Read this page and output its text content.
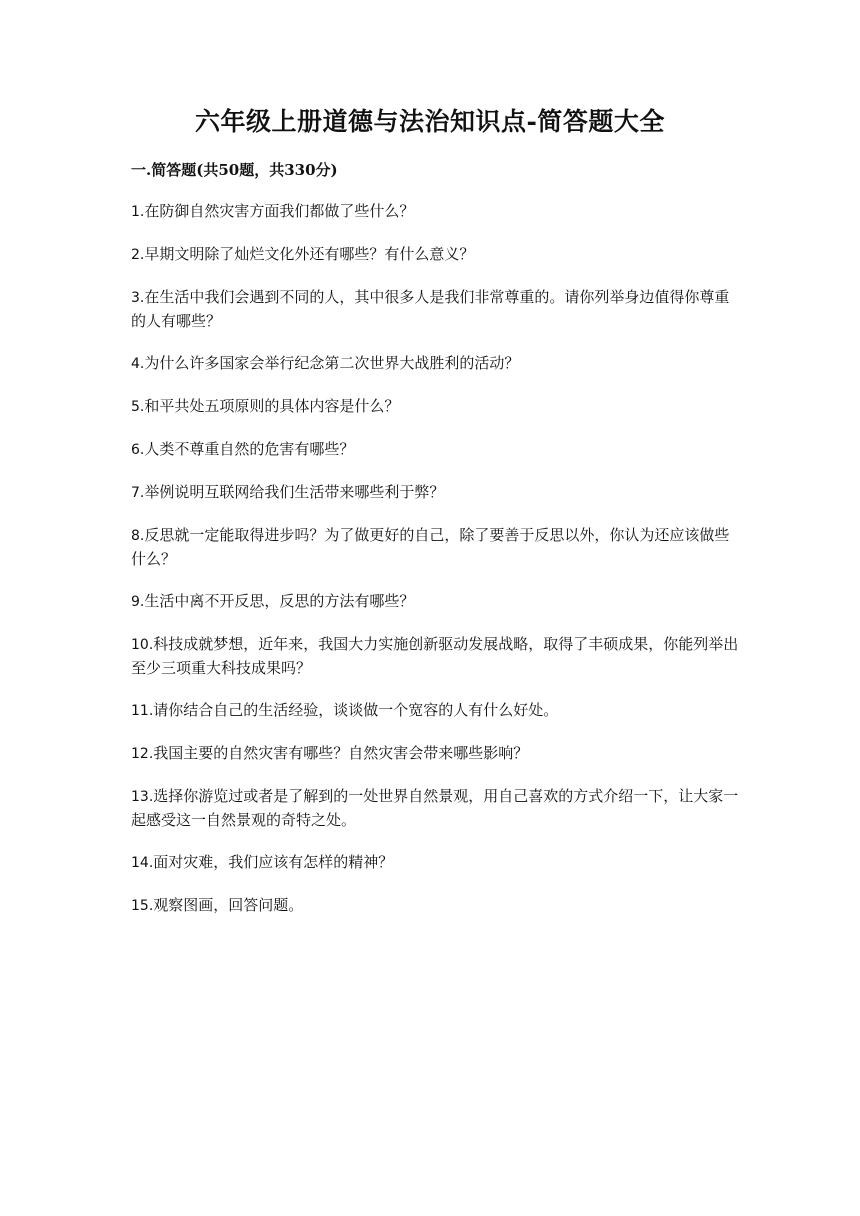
六年级上册道德与法治知识点-简答题大全
一.简答题(共50题，共330分)
1.在防御自然灾害方面我们都做了些什么？
2.早期文明除了灿烂文化外还有哪些？有什么意义？
3.在生活中我们会遇到不同的人，其中很多人是我们非常尊重的。请你列举身边值得你尊重的人有哪些？
4.为什么许多国家会举行纪念第二次世界大战胜利的活动？
5.和平共处五项原则的具体内容是什么？
6.人类不尊重自然的危害有哪些？
7.举例说明互联网给我们生活带来哪些利于弊？
8.反思就一定能取得进步吗？为了做更好的自己，除了要善于反思以外，你认为还应该做些什么？
9.生活中离不开反思，反思的方法有哪些？
10.科技成就梦想，近年来，我国大力实施创新驱动发展战略，取得了丰硕成果，你能列举出至少三项重大科技成果吗？
11.请你结合自己的生活经验，谈谈做一个宽容的人有什么好处。
12.我国主要的自然灾害有哪些？自然灾害会带来哪些影响？
13.选择你游览过或者是了解到的一处世界自然景观，用自己喜欢的方式介绍一下，让大家一起感受这一自然景观的奇特之处。
14.面对灾难，我们应该有怎样的精神？
15.观察图画，回答问题。
